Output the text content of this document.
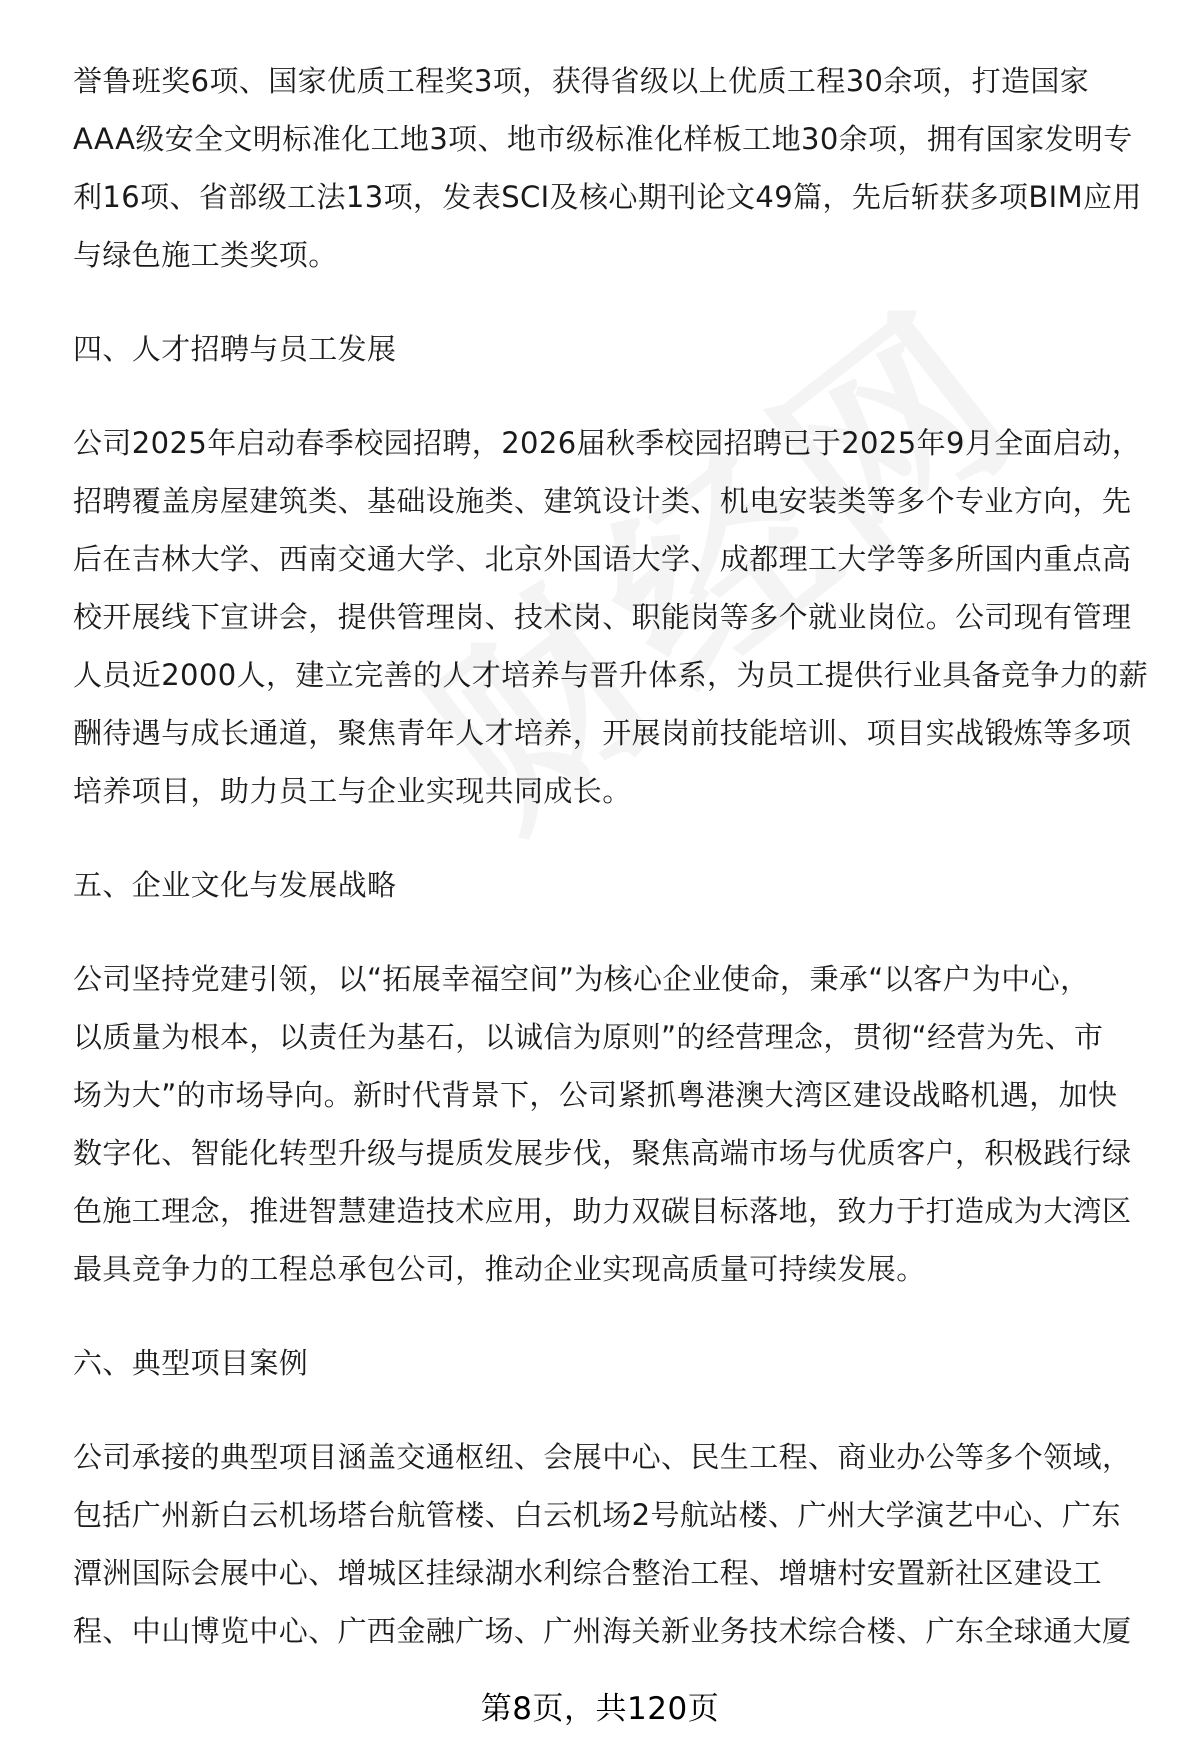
誉鲁班奖6项、国家优质工程奖3项，获得省级以上优质工程30余项，打造国家
AAA级安全文明标准化工地3项、地市级标准化样板工地30余项，拥有国家发明专
利16项、省部级工法13项，发表SCI及核心期刊论文49篇，先后斩获多项BIM应用
与绿色施工类奖项。

四、人才招聘与员工发展

公司2025年启动春季校园招聘，2026届秋季校园招聘已于2025年9月全面启动，
招聘覆盖房屋建筑类、基础设施类、建筑设计类、机电安装类等多个专业方向，先
后在吉林大学、西南交通大学、北京外国语大学、成都理工大学等多所国内重点高
校开展线下宣讲会，提供管理岗、技术岗、职能岗等多个就业岗位。公司现有管理
人员近2000人，建立完善的人才培养与晋升体系，为员工提供行业具备竞争力的薪
酬待遇与成长通道，聚焦青年人才培养，开展岗前技能培训、项目实战锻炼等多项
培养项目，助力员工与企业实现共同成长。

五、企业文化与发展战略

公司坚持党建引领，以“拓展幸福空间”为核心企业使命，秉承“以客户为中心，
以质量为根本，以责任为基石，以诚信为原则”的经营理念，贯彻“经营为先、市
场为大”的市场导向。新时代背景下，公司紧抓粤港澳大湾区建设战略机遇，加快
数字化、智能化转型升级与提质发展步伐，聚焦高端市场与优质客户，积极践行绿
色施工理念，推进智慧建造技术应用，助力双碳目标落地，致力于打造成为大湾区
最具竞争力的工程总承包公司，推动企业实现高质量可持续发展。

六、典型项目案例

公司承接的典型项目涵盖交通枢纽、会展中心、民生工程、商业办公等多个领域，
包括广州新白云机场塔台航管楼、白云机场2号航站楼、广州大学演艺中心、广东
潭洲国际会展中心、增城区挂绿湖水利综合整治工程、增塘村安置新社区建设工
程、中山博览中心、广西金融广场、广州海关新业务技术综合楼、广东全球通大厦

第8页，共120页
